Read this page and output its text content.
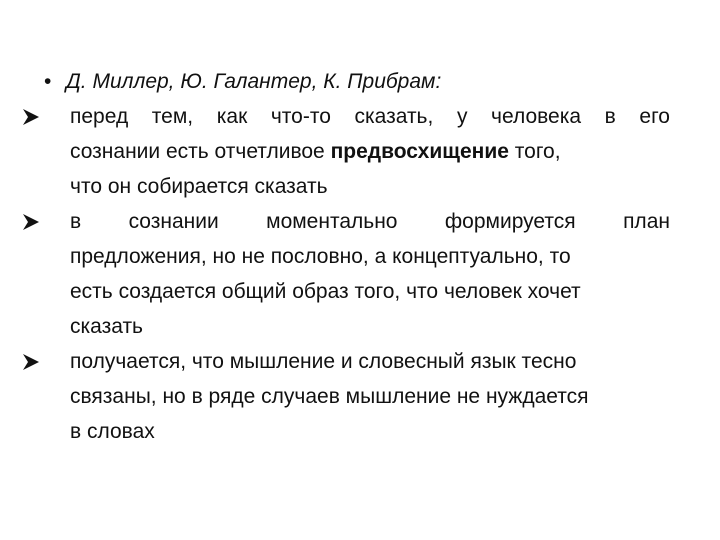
• Д. Миллер, Ю. Галантер, К. Прибрам:
перед тем, как что-то сказать, у человека в его
сознании есть отчетливое предвосхищение того,
что он собирается сказать
в сознании моментально формируется план
предложения, но не пословно, а концептуально, то
есть создается общий образ того, что человек хочет
сказать
получается, что мышление и словесный язык тесно
связаны, но в ряде случаев мышление не нуждается
в словах
